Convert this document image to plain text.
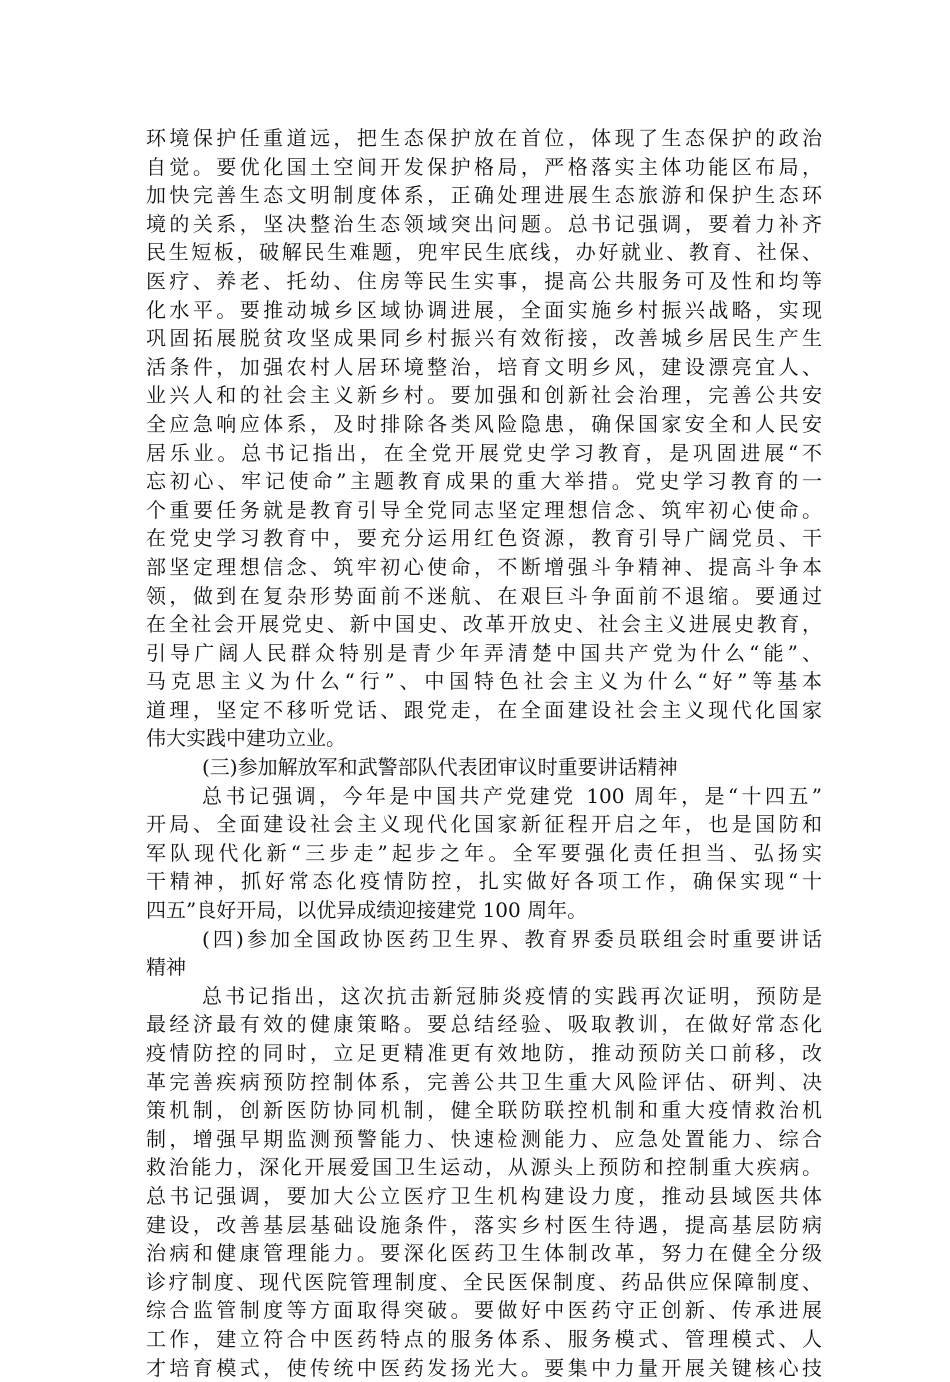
环境保护任重道远，把生态保护放在首位，体现了生态保护的政治
自觉。要优化国土空间开发保护格局，严格落实主体功能区布局，
加快完善生态文明制度体系，正确处理进展生态旅游和保护生态环
境的关系，坚决整治生态领域突出问题。总书记强调，要着力补齐
民生短板，破解民生难题，兜牢民生底线，办好就业、教育、社保、
医疗、养老、托幼、住房等民生实事，提高公共服务可及性和均等
化水平。要推动城乡区域协调进展，全面实施乡村振兴战略，实现
巩固拓展脱贫攻坚成果同乡村振兴有效衔接，改善城乡居民生产生
活条件，加强农村人居环境整治，培育文明乡风，建设漂亮宜人、
业兴人和的社会主义新乡村。要加强和创新社会治理，完善公共安
全应急响应体系，及时排除各类风险隐患，确保国家安全和人民安
居乐业。总书记指出，在全党开展党史学习教育，是巩固进展“不
忘初心、牢记使命”主题教育成果的重大举措。党史学习教育的一
个重要任务就是教育引导全党同志坚定理想信念、筑牢初心使命。
在党史学习教育中，要充分运用红色资源，教育引导广阔党员、干
部坚定理想信念、筑牢初心使命，不断增强斗争精神、提高斗争本
领，做到在复杂形势面前不迷航、在艰巨斗争面前不退缩。要通过
在全社会开展党史、新中国史、改革开放史、社会主义进展史教育，
引导广阔人民群众特别是青少年弄清楚中国共产党为什么“能”、
马克思主义为什么“行”、中国特色社会主义为什么“好”等基本
道理，坚定不移听党话、跟党走，在全面建设社会主义现代化国家
伟大实践中建功立业。
(三)参加解放军和武警部队代表团审议时重要讲话精神
总书记强调，今年是中国共产党建党 100 周年，是“十四五”
开局、全面建设社会主义现代化国家新征程开启之年，也是国防和
军队现代化新“三步走”起步之年。全军要强化责任担当、弘扬实
干精神，抓好常态化疫情防控，扎实做好各项工作，确保实现“十
四五”良好开局，以优异成绩迎接建党 100 周年。
(四)参加全国政协医药卫生界、教育界委员联组会时重要讲话
精神
总书记指出，这次抗击新冠肺炎疫情的实践再次证明，预防是
最经济最有效的健康策略。要总结经验、吸取教训，在做好常态化
疫情防控的同时，立足更精准更有效地防，推动预防关口前移，改
革完善疾病预防控制体系，完善公共卫生重大风险评估、研判、决
策机制，创新医防协同机制，健全联防联控机制和重大疫情救治机
制，增强早期监测预警能力、快速检测能力、应急处置能力、综合
救治能力，深化开展爱国卫生运动，从源头上预防和控制重大疾病。
总书记强调，要加大公立医疗卫生机构建设力度，推动县域医共体
建设，改善基层基础设施条件，落实乡村医生待遇，提高基层防病
治病和健康管理能力。要深化医药卫生体制改革，努力在健全分级
诊疗制度、现代医院管理制度、全民医保制度、药品供应保障制度、
综合监管制度等方面取得突破。要做好中医药守正创新、传承进展
工作，建立符合中医药特点的服务体系、服务模式、管理模式、人
才培育模式，使传统中医药发扬光大。要集中力量开展关键核心技
